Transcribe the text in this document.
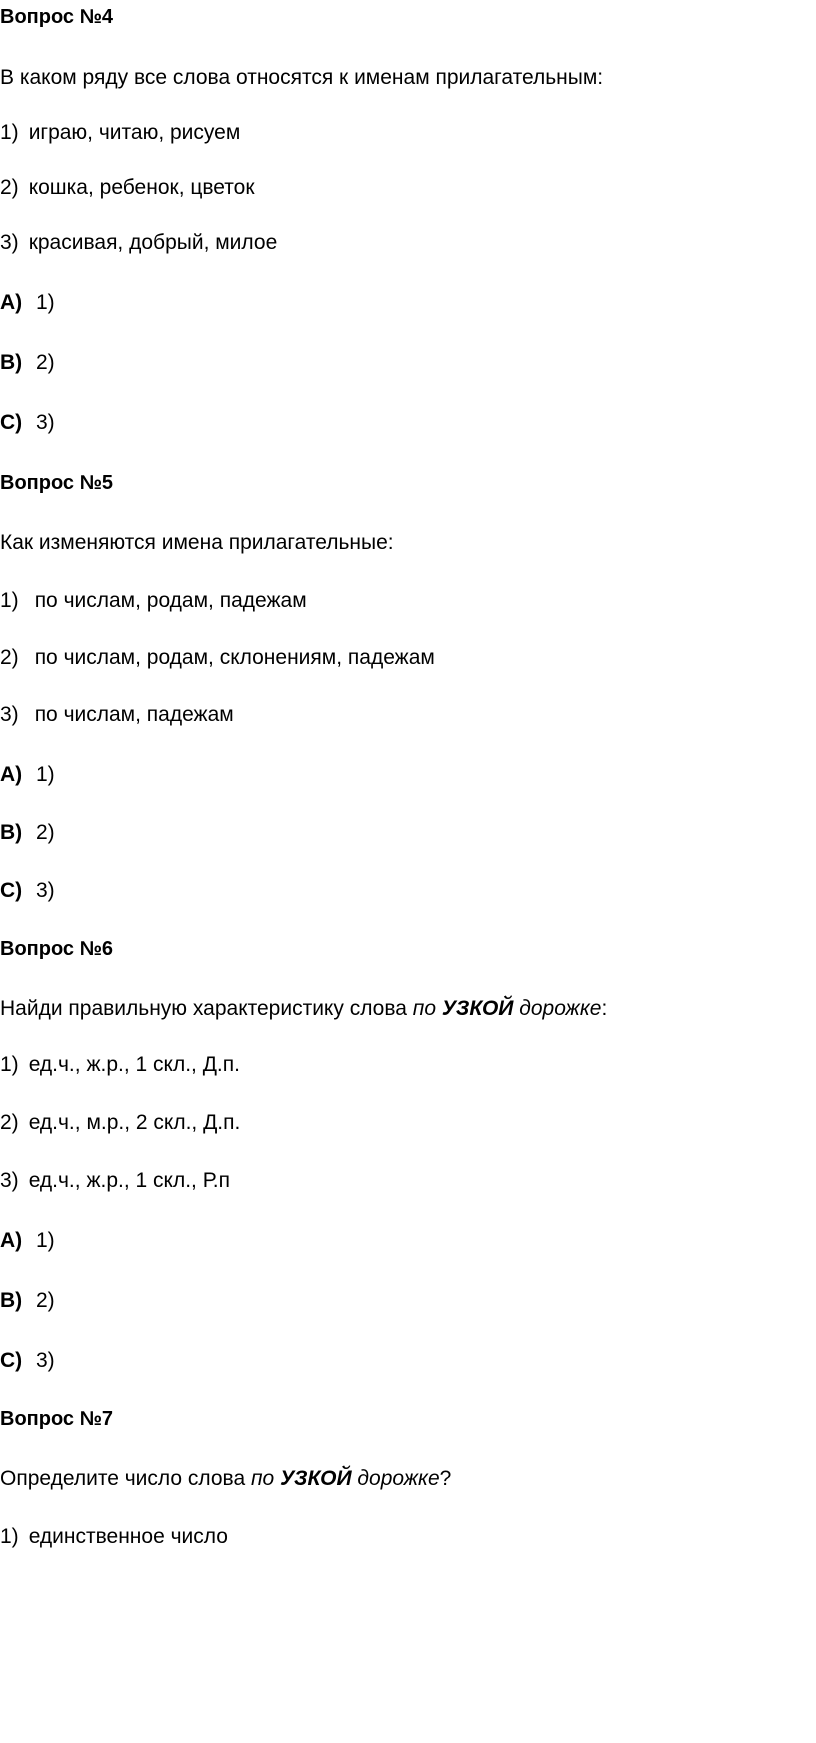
Вопрос №4
В каком ряду все слова относятся к именам прилагательным:
1) играю, читаю, рисуем
2) кошка, ребенок, цветок
3) красивая, добрый, милое
A) 1)
B) 2)
C) 3)
Вопрос №5
Как изменяются имена прилагательные:
1) по числам, родам, падежам
2) по числам, родам, склонениям, падежам
3) по числам, падежам
A) 1)
B) 2)
C) 3)
Вопрос №6
Найди правильную характеристику слова по УЗКОЙ дорожке:
1) ед.ч., ж.р., 1 скл., Д.п.
2) ед.ч., м.р., 2 скл., Д.п.
3) ед.ч., ж.р., 1 скл., Р.п
A) 1)
B) 2)
C) 3)
Вопрос №7
Определите число слова по УЗКОЙ дорожке?
1) единственное число
